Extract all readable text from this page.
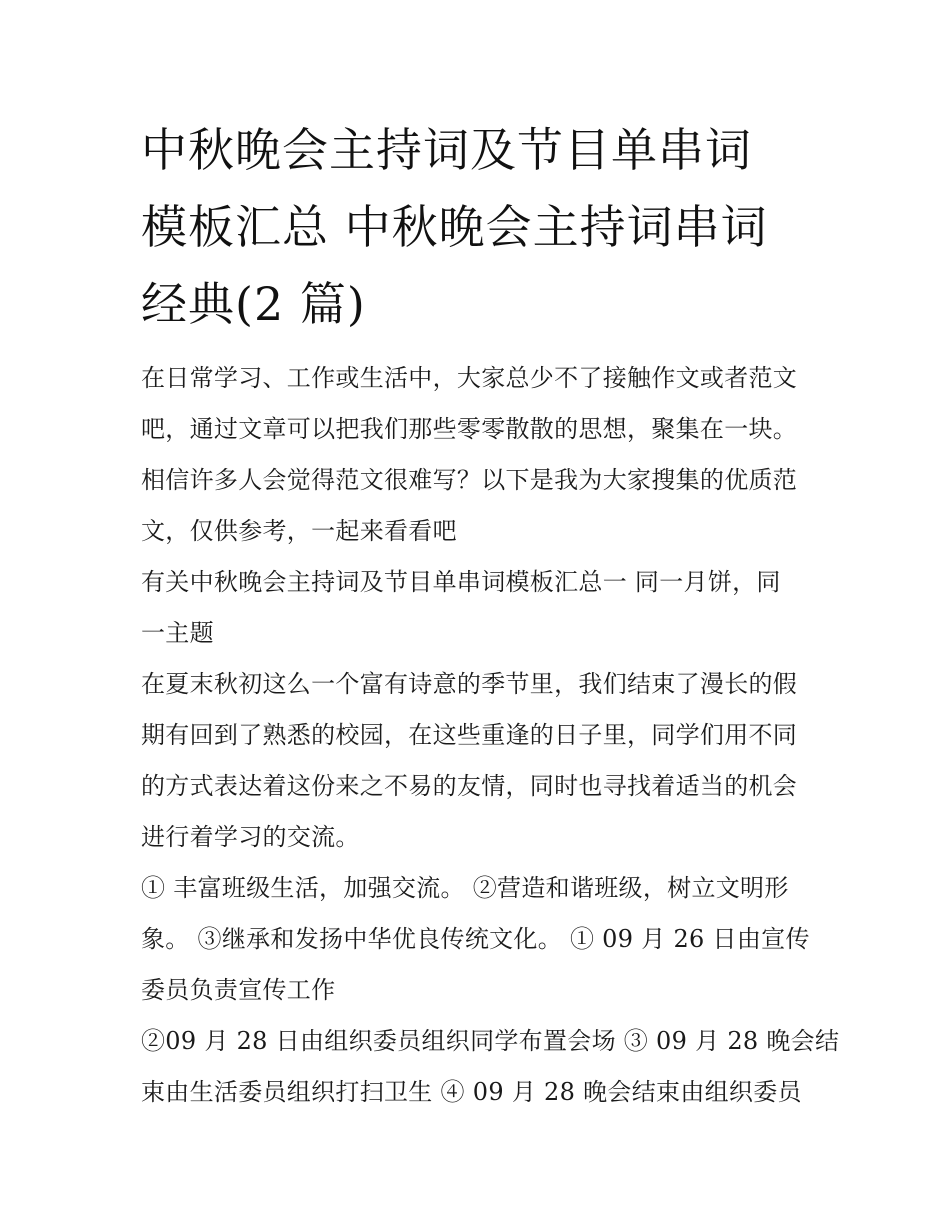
中秋晚会主持词及节目单串词
模板汇总 中秋晚会主持词串词
经典(2 篇)

在日常学习、工作或生活中，大家总少不了接触作文或者范文
吧，通过文章可以把我们那些零零散散的思想，聚集在一块。
相信许多人会觉得范文很难写？以下是我为大家搜集的优质范
文，仅供参考，一起来看看吧

有关中秋晚会主持词及节目单串词模板汇总一 同一月饼，同
一主题

在夏末秋初这么一个富有诗意的季节里，我们结束了漫长的假
期有回到了熟悉的校园，在这些重逢的日子里，同学们用不同
的方式表达着这份来之不易的友情，同时也寻找着适当的机会
进行着学习的交流。

① 丰富班级生活，加强交流。 ②营造和谐班级，树立文明形
象。 ③继承和发扬中华优良传统文化。 ① 09 月 26 日由宣传
委员负责宣传工作

②09 月 28 日由组织委员组织同学布置会场 ③ 09 月 28 晚会结
束由生活委员组织打扫卫生 ④ 09 月 28 晚会结束由组织委员
